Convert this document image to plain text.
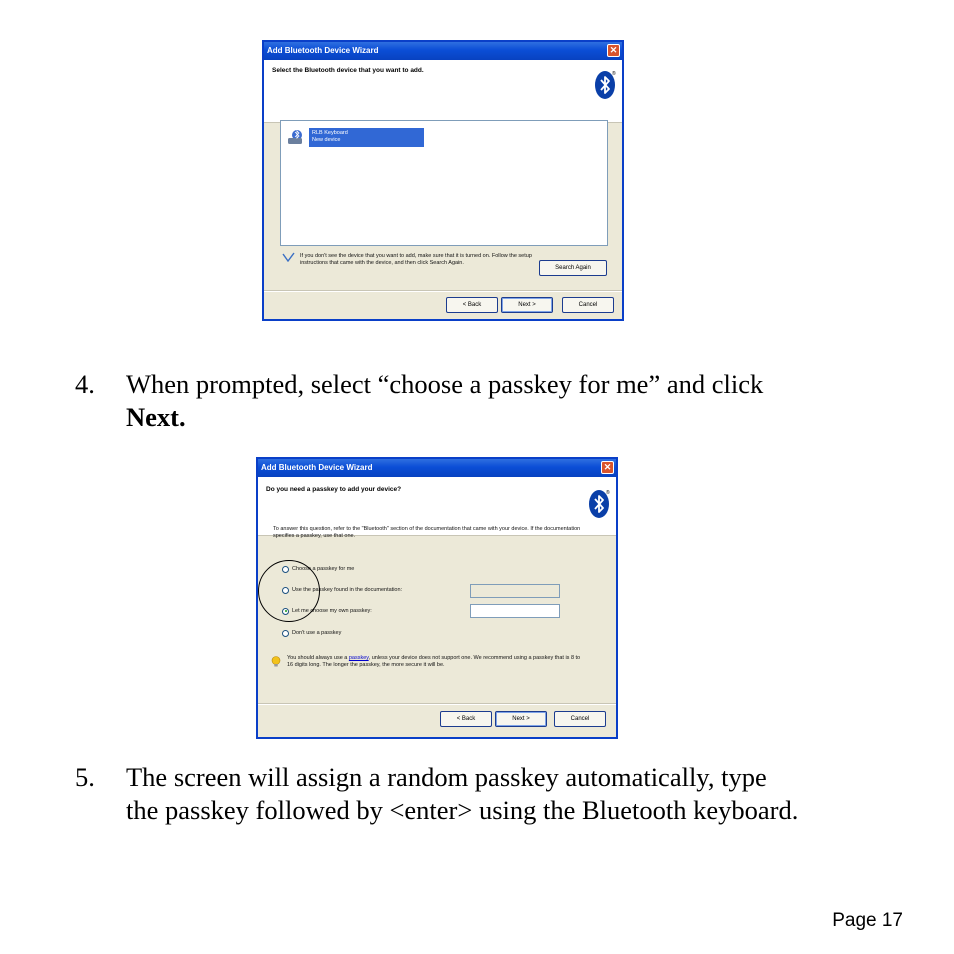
Add Bluetooth Device Wizard	✕
Select the Bluetooth device that you want to add.	®
RLB Keyboard
New device
If you don't see the device that you want to add, make sure that it is turned on. Follow the setup instructions that came with the device, and then click Search Again.
Search Again
< Back	Next >	Cancel
4. When prompted, select “choose a passkey for me” and click
Next.
Add Bluetooth Device Wizard	✕
Do you need a passkey to add your device?	®
To answer this question, refer to the "Bluetooth" section of the documentation that came with your device. If the documentation specifies a passkey, use that one.
Choose a passkey for me
Use the passkey found in the documentation:
Let me choose my own passkey:
Don't use a passkey
You should always use a passkey, unless your device does not support one. We recommend using a passkey that is 8 to 16 digits long. The longer the passkey, the more secure it will be.
< Back	Next >	Cancel
5. The screen will assign a random passkey automatically, type
the passkey followed by <enter> using the Bluetooth keyboard.
Page 17
